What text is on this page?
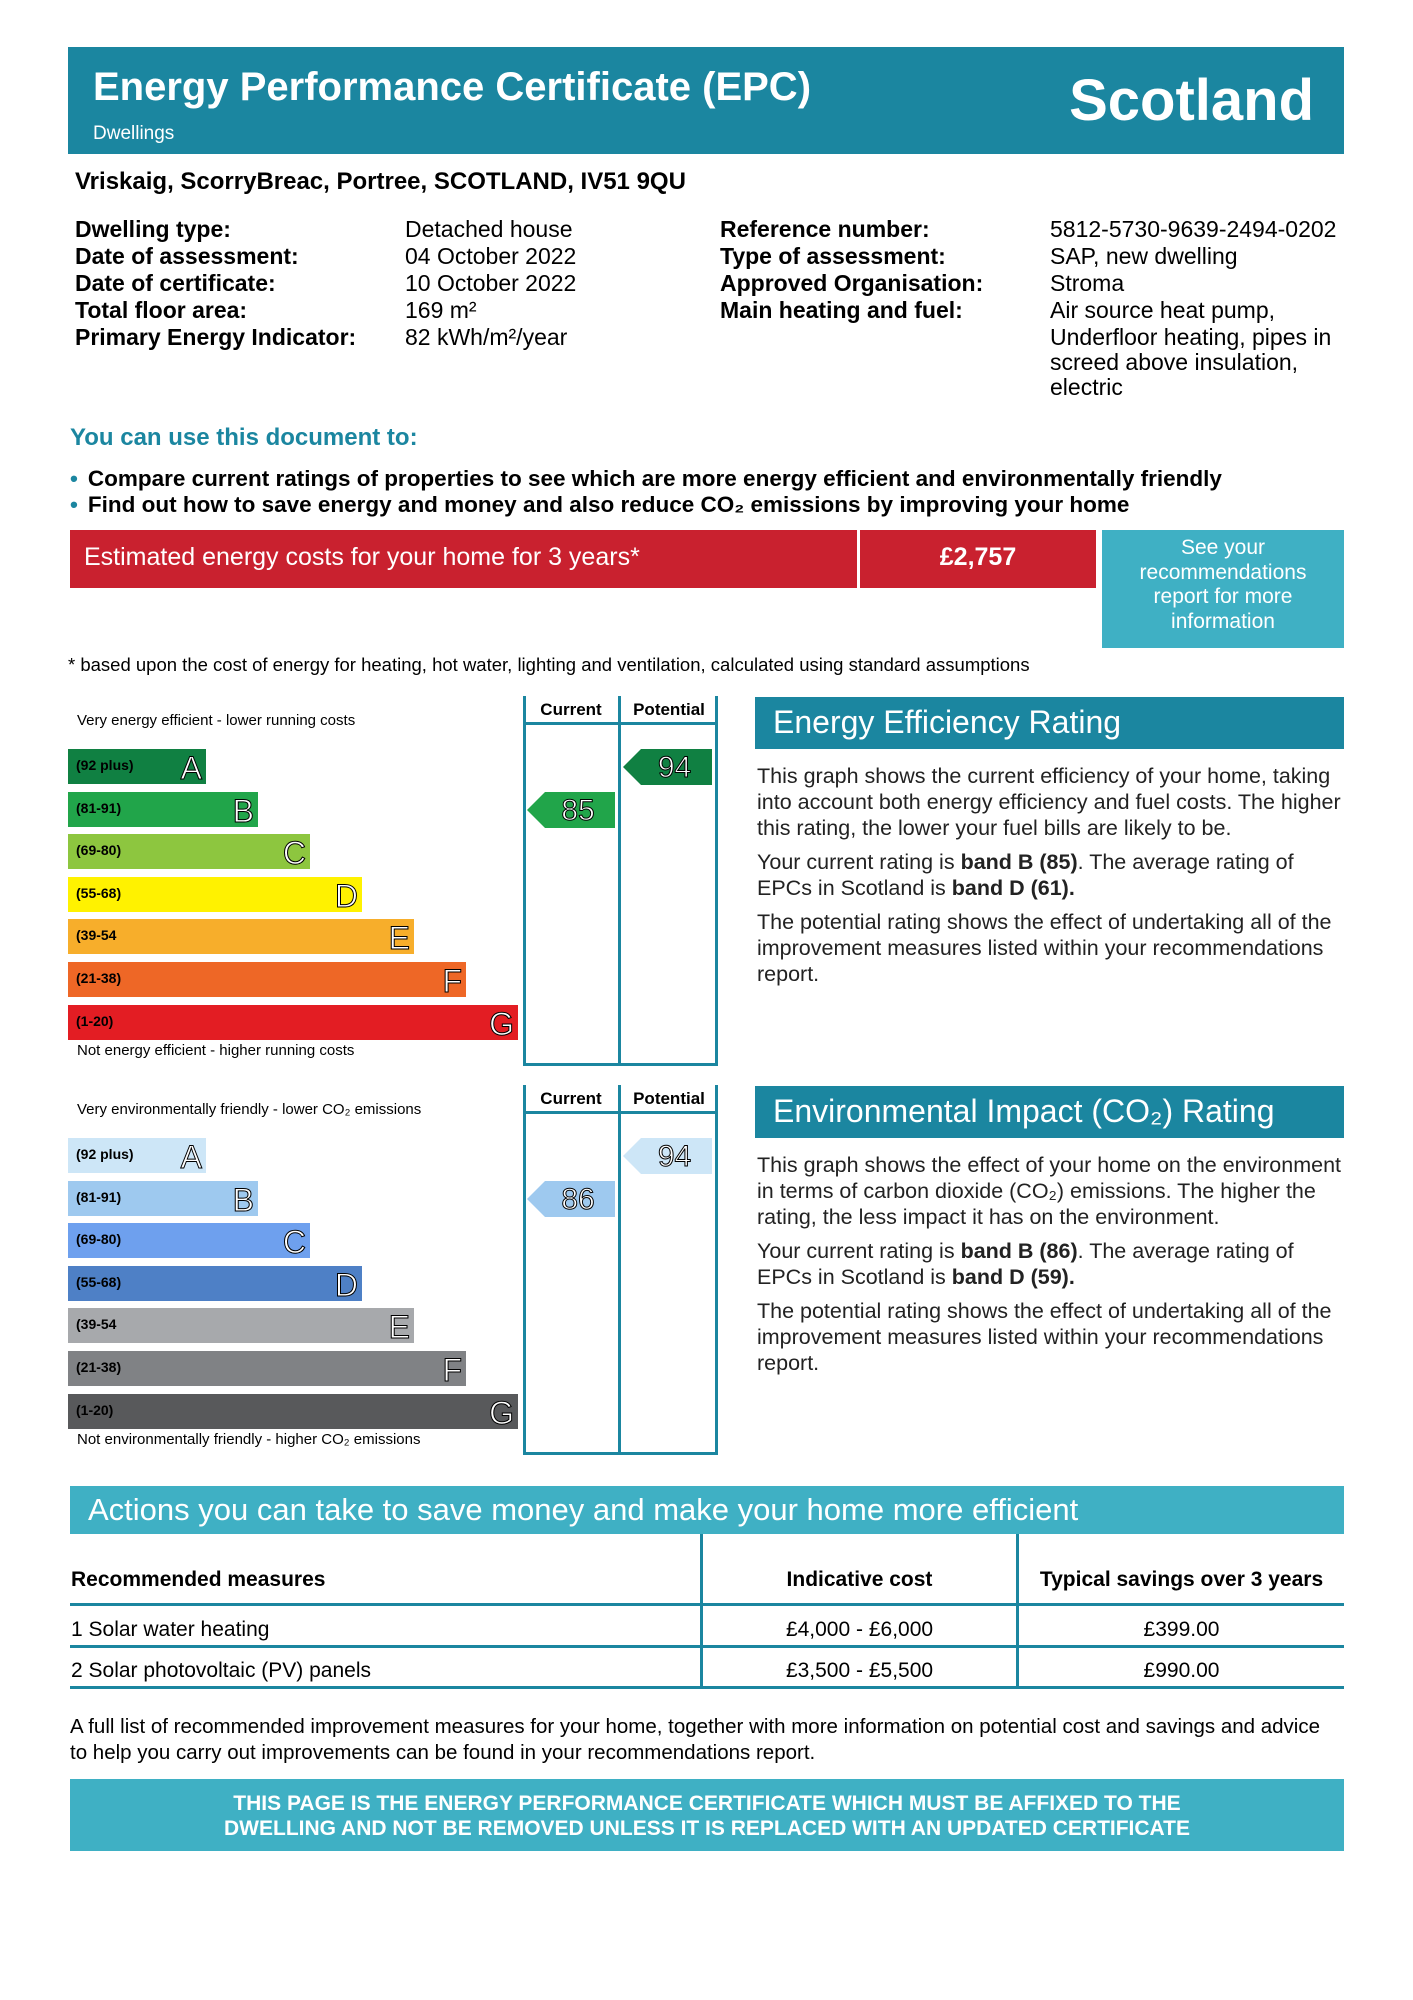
Energy Performance Certificate (EPC)
Dwellings
Scotland
Vriskaig, ScorryBreac, Portree, SCOTLAND, IV51 9QU
Dwelling type:	Detached house
Date of assessment:	04 October 2022
Date of certificate:	10 October 2022
Total floor area:	169 m²
Primary Energy Indicator: 82 kWh/m²/year
Reference number:	5812-5730-9639-2494-0202
Type of assessment:	SAP, new dwelling
Approved Organisation:	Stroma
Main heating and fuel:	Air source heat pump,
Underfloor heating, pipes in
screed above insulation,
electric
You can use this document to:
• Compare current ratings of properties to see which are more energy efficient and environmentally friendly
• Find out how to save energy and money and also reduce CO₂ emissions by improving your home
Estimated energy costs for your home for 3 years*	£2,757	See your
recommendations
report for more
information
* based upon the cost of energy for heating, hot water, lighting and ventilation, calculated using standard assumptions
Very energy efficient - lower running costs
Not energy efficient - higher running costs
Current	Potential
(92 plus) A
(81-91)	B
(69-80)	C
(55-68)	D
(39-54	E
(21-38)	F
(1-20)	G
85
94
Very environmentally friendly - lower CO₂ emissions
Not environmentally friendly - higher CO₂ emissions
Current	Potential
(92 plus) A
(81-91)	B
(69-80)	C
(55-68)	D
(39-54	E
(21-38)	F
(1-20)	G
86
94
Energy Efficiency Rating

This graph shows the current efficiency of your home, taking into account both energy efficiency and fuel costs. The higher this rating, the lower your fuel bills are likely to be.

Your current rating is band B (85). The average rating of EPCs in Scotland is band D (61).

The potential rating shows the effect of undertaking all of the improvement measures listed within your recommendations report.

Environmental Impact (CO₂) Rating

This graph shows the effect of your home on the environment in terms of carbon dioxide (CO₂) emissions. The higher the rating, the less impact it has on the environment.

Your current rating is band B (86). The average rating of EPCs in Scotland is band D (59).

The potential rating shows the effect of undertaking all of the improvement measures listed within your recommendations report.

Actions you can take to save money and make your home more efficient
Recommended measures	Indicative cost	Typical savings over 3 years
1 Solar water heating	£4,000 - £6,000	£399.00
2 Solar photovoltaic (PV) panels	£3,500 - £5,500	£990.00
A full list of recommended improvement measures for your home, together with more information on potential cost and savings and advice to help you carry out improvements can be found in your recommendations report.
THIS PAGE IS THE ENERGY PERFORMANCE CERTIFICATE WHICH MUST BE AFFIXED TO THE
DWELLING AND NOT BE REMOVED UNLESS IT IS REPLACED WITH AN UPDATED CERTIFICATE
